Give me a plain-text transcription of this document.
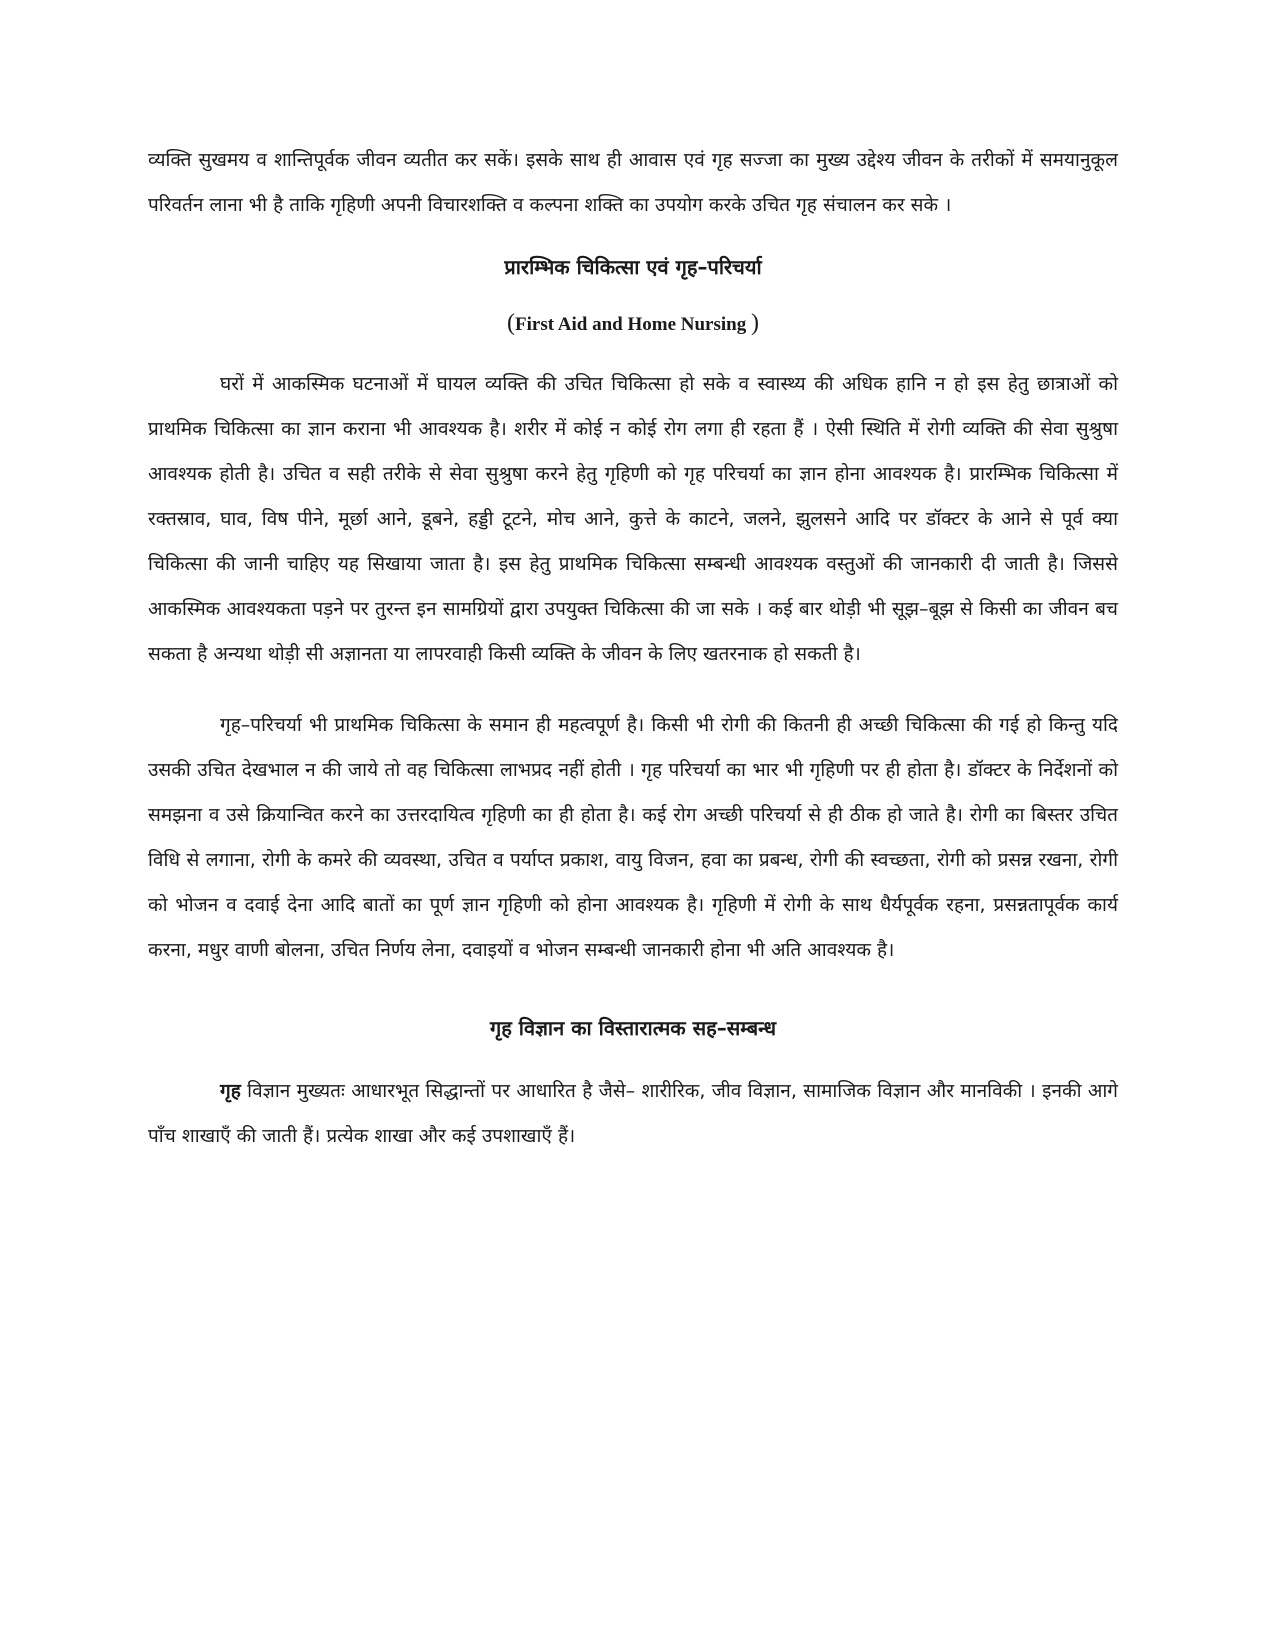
व्यक्ति सुखमय व शान्तिपूर्वक जीवन व्यतीत कर सकें। इसके साथ ही आवास एवं गृह सज्जा का मुख्य उद्देश्य जीवन के तरीकों में समयानुकूल परिवर्तन लाना भी है ताकि गृहिणी अपनी विचारशक्ति व कल्पना शक्ति का उपयोग करके उचित गृह संचालन कर सके ।

प्रारम्भिक चिकित्सा एवं गृह–परिचर्या
(First Aid and Home Nursing )

घरों में आकस्मिक घटनाओं में घायल व्यक्ति की उचित चिकित्सा हो सके व स्वास्थ्य की अधिक हानि न हो इस हेतु छात्राओं को प्राथमिक चिकित्सा का ज्ञान कराना भी आवश्यक है। शरीर में कोई न कोई रोग लगा ही रहता हैं । ऐसी स्थिति में रोगी व्यक्ति की सेवा सुश्रुषा आवश्यक होती है। उचित व सही तरीके से सेवा सुश्रुषा करने हेतु गृहिणी को गृह परिचर्या का ज्ञान होना आवश्यक है। प्रारम्भिक चिकित्सा में रक्तस्राव, घाव, विष पीने, मूर्छा आने, डूबने, हड्डी टूटने, मोच आने, कुत्ते के काटने, जलने, झुलसने आदि पर डॉक्टर के आने से पूर्व क्या चिकित्सा की जानी चाहिए यह सिखाया जाता है। इस हेतु प्राथमिक चिकित्सा सम्बन्धी आवश्यक वस्तुओं की जानकारी दी जाती है। जिससे आकस्मिक आवश्यकता पड़ने पर तुरन्त इन सामग्रियों द्वारा उपयुक्त चिकित्सा की जा सके । कई बार थोड़ी भी सूझ–बूझ से किसी का जीवन बच सकता है अन्यथा थोड़ी सी अज्ञानता या लापरवाही किसी व्यक्ति के जीवन के लिए खतरनाक हो सकती है।

गृह–परिचर्या भी प्राथमिक चिकित्सा के समान ही महत्वपूर्ण है। किसी भी रोगी की कितनी ही अच्छी चिकित्सा की गई हो किन्तु यदि उसकी उचित देखभाल न की जाये तो वह चिकित्सा लाभप्रद नहीं होती । गृह परिचर्या का भार भी गृहिणी पर ही होता है। डॉक्टर के निर्देशनों को समझना व उसे क्रियान्वित करने का उत्तरदायित्व गृहिणी का ही होता है। कई रोग अच्छी परिचर्या से ही ठीक हो जाते है। रोगी का बिस्तर उचित विधि से लगाना, रोगी के कमरे की व्यवस्था, उचित व पर्याप्त प्रकाश, वायु विजन, हवा का प्रबन्ध, रोगी की स्वच्छता, रोगी को प्रसन्न रखना, रोगी को भोजन व दवाई देना आदि बातों का पूर्ण ज्ञान गृहिणी को होना आवश्यक है। गृहिणी में रोगी के साथ धैर्यपूर्वक रहना, प्रसन्नतापूर्वक कार्य करना, मधुर वाणी बोलना, उचित निर्णय लेना, दवाइयों व भोजन सम्बन्धी जानकारी होना भी अति आवश्यक है।

गृह विज्ञान का विस्तारात्मक सह–सम्बन्ध

गृह विज्ञान मुख्यतः आधारभूत सिद्धान्तों पर आधारित है जैसे– शारीरिक, जीव विज्ञान, सामाजिक विज्ञान और मानविकी । इनकी आगे पाँच शाखाएँ की जाती हैं। प्रत्येक शाखा और कई उपशाखाएँ हैं।
